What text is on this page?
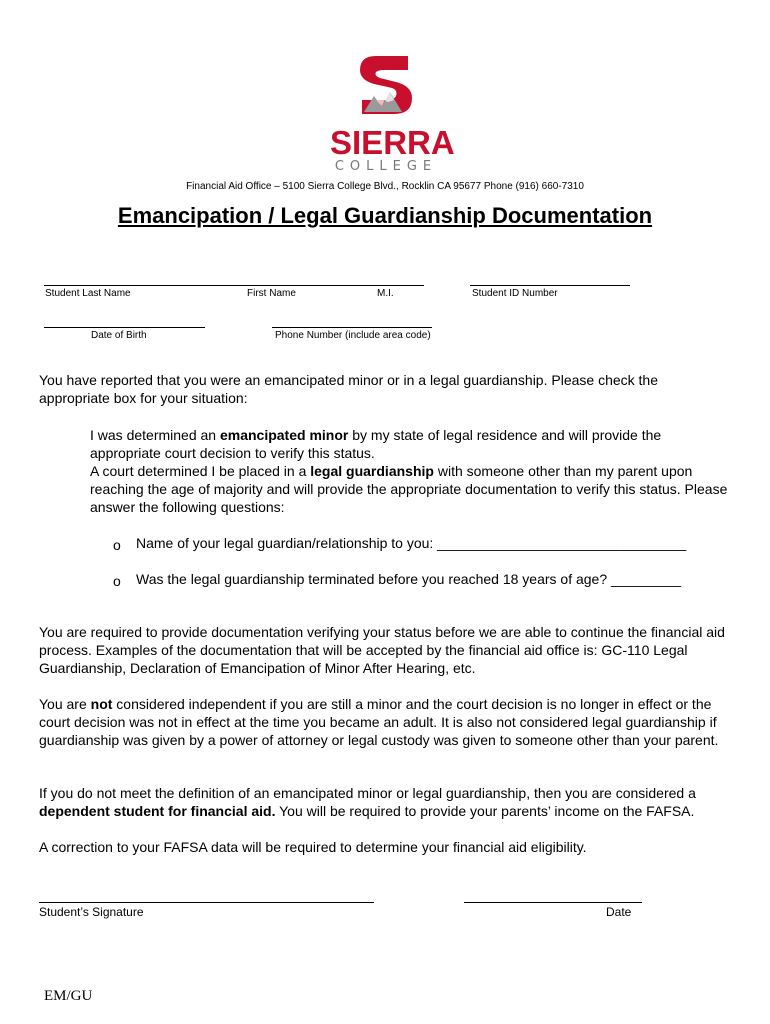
SIERRA
COLLEGE
Financial Aid Office – 5100 Sierra College Blvd., Rocklin CA 95677 Phone (916) 660-7310
Emancipation / Legal Guardianship Documentation
Student Last Name	First Name	M.I.	Student ID Number
Date of Birth	Phone Number (include area code)
You have reported that you were an emancipated minor or in a legal guardianship. Please check the appropriate box for your situation:
I was determined an emancipated minor by my state of legal residence and will provide the appropriate court decision to verify this status.
A court determined I be placed in a legal guardianship with someone other than my parent upon reaching the age of majority and will provide the appropriate documentation to verify this status. Please answer the following questions:
o Name of your legal guardian/relationship to you: ________________________________
o Was the legal guardianship terminated before you reached 18 years of age? _________
You are required to provide documentation verifying your status before we are able to continue the financial aid process. Examples of the documentation that will be accepted by the financial aid office is: GC-110 Legal Guardianship, Declaration of Emancipation of Minor After Hearing, etc.
You are not considered independent if you are still a minor and the court decision is no longer in effect or the court decision was not in effect at the time you became an adult. It is also not considered legal guardianship if guardianship was given by a power of attorney or legal custody was given to someone other than your parent.
If you do not meet the definition of an emancipated minor or legal guardianship, then you are considered a dependent student for financial aid. You will be required to provide your parents’ income on the FAFSA.
A correction to your FAFSA data will be required to determine your financial aid eligibility.
Student’s Signature	Date
EM/GU
